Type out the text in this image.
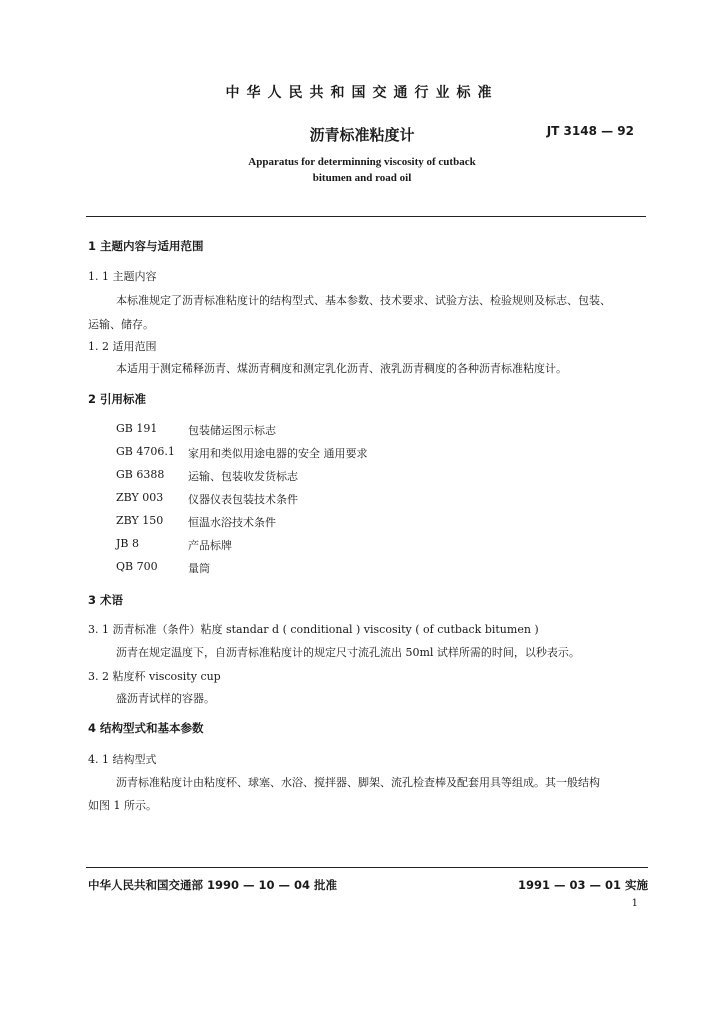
中华人民共和国交通行业标准
沥青标准粘度计	JT 3148 — 92
Apparatus for determinning viscosity of cutback
bitumen and road oil
1 主题内容与适用范围
1. 1 主题内容
本标准规定了沥青标准粘度计的结构型式、基本参数、技术要求、试验方法、检验规则及标志、包装、
运输、储存。
1. 2 适用范围
本适用于测定稀释沥青、煤沥青稠度和测定乳化沥青、液乳沥青稠度的各种沥青标准粘度计。
2 引用标准
GB 191	包装储运图示标志
GB 4706.1 家用和类似用途电器的安全 通用要求
GB 6388 运输、包装收发货标志
ZBY 003 仪器仪表包装技术条件
ZBY 150 恒温水浴技术条件
JB 8	产品标牌
QB 700	量筒
3 术语
3. 1 沥青标准（条件）粘度 standar d ( conditional ) viscosity ( of cutback bitumen )
沥青在规定温度下，自沥青标准粘度计的规定尺寸流孔流出 50ml 试样所需的时间，以秒表示。
3. 2 粘度杯 viscosity cup
盛沥青试样的容器。
4 结构型式和基本参数
4. 1 结构型式
沥青标准粘度计由粘度杯、球塞、水浴、搅拌器、脚架、流孔检査棒及配套用具等组成。其一般结构
如图 1 所示。
中华人民共和国交通部 1990 — 10 — 04 批准	1991 — 03 — 01 实施
1
